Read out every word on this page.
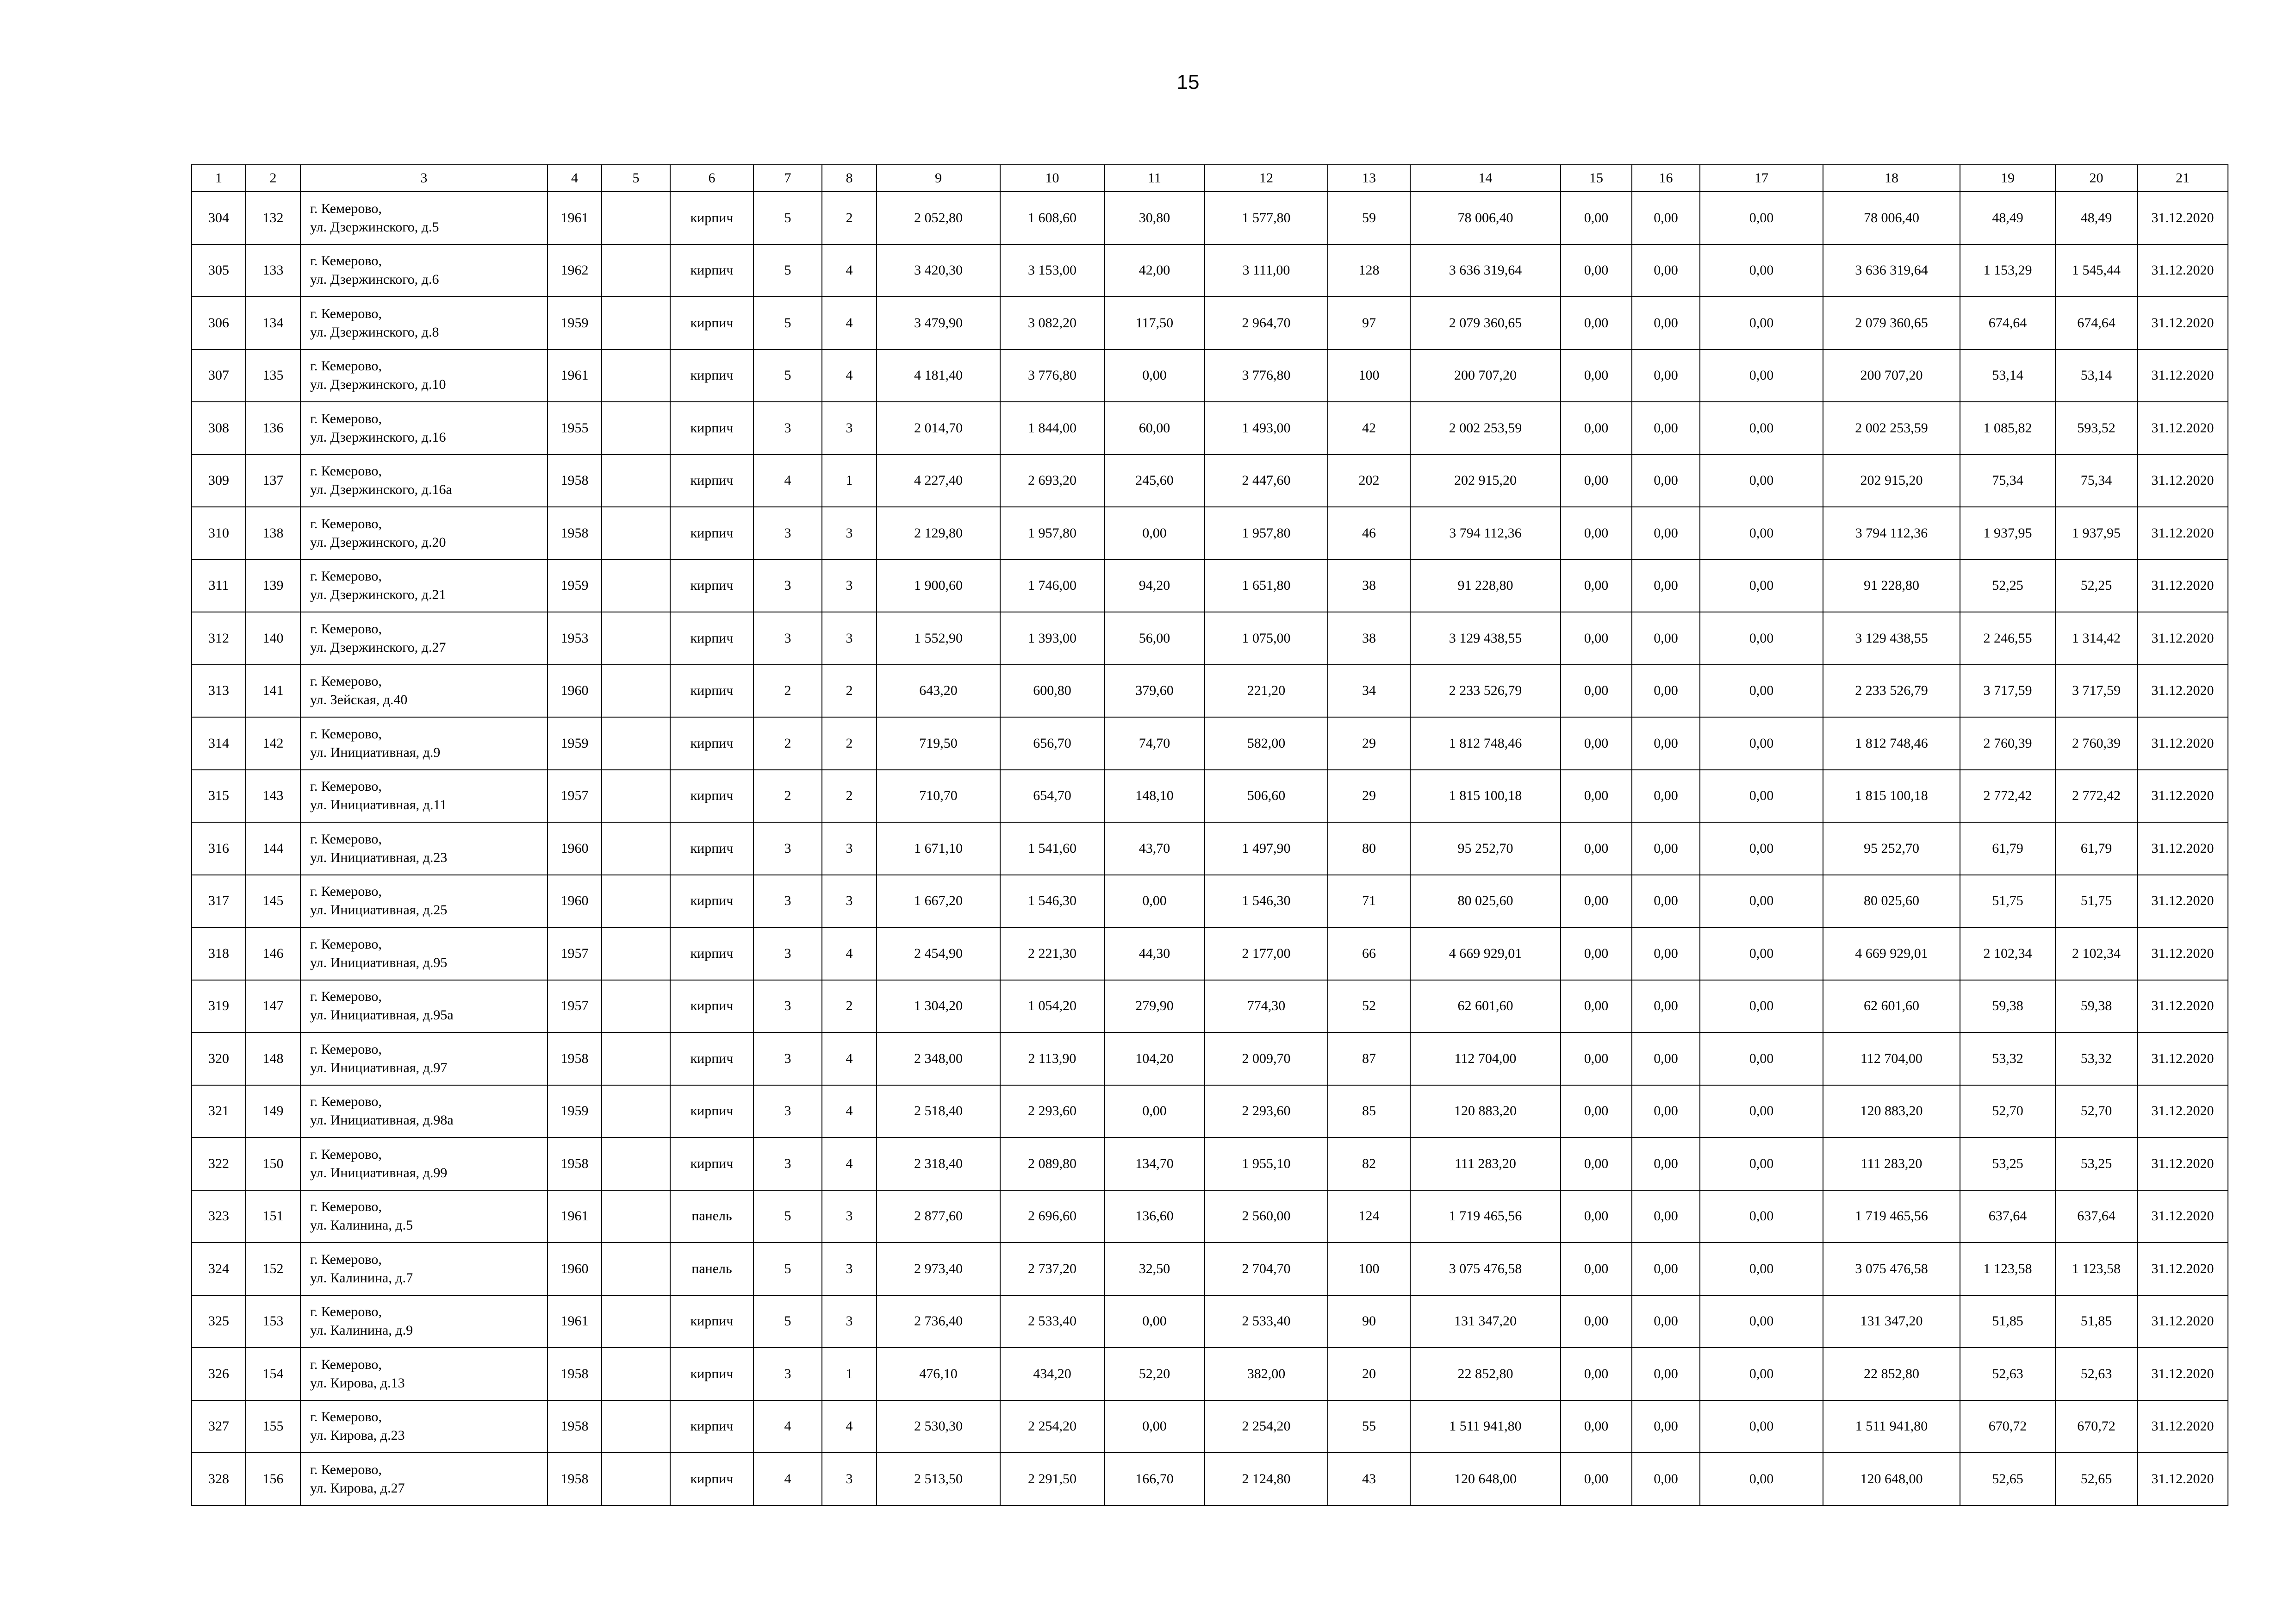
15
1	2	3	4	5	6	7	8	9	10	11	12	13	14	15	16	17	18	19	20	21
304	132	г. Кемерово,
ул. Дзержинского, д.5	1961		кирпич	5	2	2 052,80	1 608,60	30,80	1 577,80	59	78 006,40	0,00	0,00	0,00	78 006,40	48,49	48,49	31.12.2020
305	133	г. Кемерово,
ул. Дзержинского, д.6	1962		кирпич	5	4	3 420,30	3 153,00	42,00	3 111,00	128	3 636 319,64	0,00	0,00	0,00	3 636 319,64	1 153,29	1 545,44	31.12.2020
306	134	г. Кемерово,
ул. Дзержинского, д.8	1959		кирпич	5	4	3 479,90	3 082,20	117,50	2 964,70	97	2 079 360,65	0,00	0,00	0,00	2 079 360,65	674,64	674,64	31.12.2020
307	135	г. Кемерово,
ул. Дзержинского, д.10	1961		кирпич	5	4	4 181,40	3 776,80	0,00	3 776,80	100	200 707,20	0,00	0,00	0,00	200 707,20	53,14	53,14	31.12.2020
308	136	г. Кемерово,
ул. Дзержинского, д.16	1955		кирпич	3	3	2 014,70	1 844,00	60,00	1 493,00	42	2 002 253,59	0,00	0,00	0,00	2 002 253,59	1 085,82	593,52	31.12.2020
309	137	г. Кемерово,
ул. Дзержинского, д.16а	1958		кирпич	4	1	4 227,40	2 693,20	245,60	2 447,60	202	202 915,20	0,00	0,00	0,00	202 915,20	75,34	75,34	31.12.2020
310	138	г. Кемерово,
ул. Дзержинского, д.20	1958		кирпич	3	3	2 129,80	1 957,80	0,00	1 957,80	46	3 794 112,36	0,00	0,00	0,00	3 794 112,36	1 937,95	1 937,95	31.12.2020
311	139	г. Кемерово,
ул. Дзержинского, д.21	1959		кирпич	3	3	1 900,60	1 746,00	94,20	1 651,80	38	91 228,80	0,00	0,00	0,00	91 228,80	52,25	52,25	31.12.2020
312	140	г. Кемерово,
ул. Дзержинского, д.27	1953		кирпич	3	3	1 552,90	1 393,00	56,00	1 075,00	38	3 129 438,55	0,00	0,00	0,00	3 129 438,55	2 246,55	1 314,42	31.12.2020
313	141	г. Кемерово,
ул. Зейская, д.40	1960		кирпич	2	2	643,20	600,80	379,60	221,20	34	2 233 526,79	0,00	0,00	0,00	2 233 526,79	3 717,59	3 717,59	31.12.2020
314	142	г. Кемерово,
ул. Инициативная, д.9	1959		кирпич	2	2	719,50	656,70	74,70	582,00	29	1 812 748,46	0,00	0,00	0,00	1 812 748,46	2 760,39	2 760,39	31.12.2020
315	143	г. Кемерово,
ул. Инициативная, д.11	1957		кирпич	2	2	710,70	654,70	148,10	506,60	29	1 815 100,18	0,00	0,00	0,00	1 815 100,18	2 772,42	2 772,42	31.12.2020
316	144	г. Кемерово,
ул. Инициативная, д.23	1960		кирпич	3	3	1 671,10	1 541,60	43,70	1 497,90	80	95 252,70	0,00	0,00	0,00	95 252,70	61,79	61,79	31.12.2020
317	145	г. Кемерово,
ул. Инициативная, д.25	1960		кирпич	3	3	1 667,20	1 546,30	0,00	1 546,30	71	80 025,60	0,00	0,00	0,00	80 025,60	51,75	51,75	31.12.2020
318	146	г. Кемерово,
ул. Инициативная, д.95	1957		кирпич	3	4	2 454,90	2 221,30	44,30	2 177,00	66	4 669 929,01	0,00	0,00	0,00	4 669 929,01	2 102,34	2 102,34	31.12.2020
319	147	г. Кемерово,
ул. Инициативная, д.95а	1957		кирпич	3	2	1 304,20	1 054,20	279,90	774,30	52	62 601,60	0,00	0,00	0,00	62 601,60	59,38	59,38	31.12.2020
320	148	г. Кемерово,
ул. Инициативная, д.97	1958		кирпич	3	4	2 348,00	2 113,90	104,20	2 009,70	87	112 704,00	0,00	0,00	0,00	112 704,00	53,32	53,32	31.12.2020
321	149	г. Кемерово,
ул. Инициативная, д.98а	1959		кирпич	3	4	2 518,40	2 293,60	0,00	2 293,60	85	120 883,20	0,00	0,00	0,00	120 883,20	52,70	52,70	31.12.2020
322	150	г. Кемерово,
ул. Инициативная, д.99	1958		кирпич	3	4	2 318,40	2 089,80	134,70	1 955,10	82	111 283,20	0,00	0,00	0,00	111 283,20	53,25	53,25	31.12.2020
323	151	г. Кемерово,
ул. Калинина, д.5	1961		панель	5	3	2 877,60	2 696,60	136,60	2 560,00	124	1 719 465,56	0,00	0,00	0,00	1 719 465,56	637,64	637,64	31.12.2020
324	152	г. Кемерово,
ул. Калинина, д.7	1960		панель	5	3	2 973,40	2 737,20	32,50	2 704,70	100	3 075 476,58	0,00	0,00	0,00	3 075 476,58	1 123,58	1 123,58	31.12.2020
325	153	г. Кемерово,
ул. Калинина, д.9	1961		кирпич	5	3	2 736,40	2 533,40	0,00	2 533,40	90	131 347,20	0,00	0,00	0,00	131 347,20	51,85	51,85	31.12.2020
326	154	г. Кемерово,
ул. Кирова, д.13	1958		кирпич	3	1	476,10	434,20	52,20	382,00	20	22 852,80	0,00	0,00	0,00	22 852,80	52,63	52,63	31.12.2020
327	155	г. Кемерово,
ул. Кирова, д.23	1958		кирпич	4	4	2 530,30	2 254,20	0,00	2 254,20	55	1 511 941,80	0,00	0,00	0,00	1 511 941,80	670,72	670,72	31.12.2020
328	156	г. Кемерово,
ул. Кирова, д.27	1958		кирпич	4	3	2 513,50	2 291,50	166,70	2 124,80	43	120 648,00	0,00	0,00	0,00	120 648,00	52,65	52,65	31.12.2020
